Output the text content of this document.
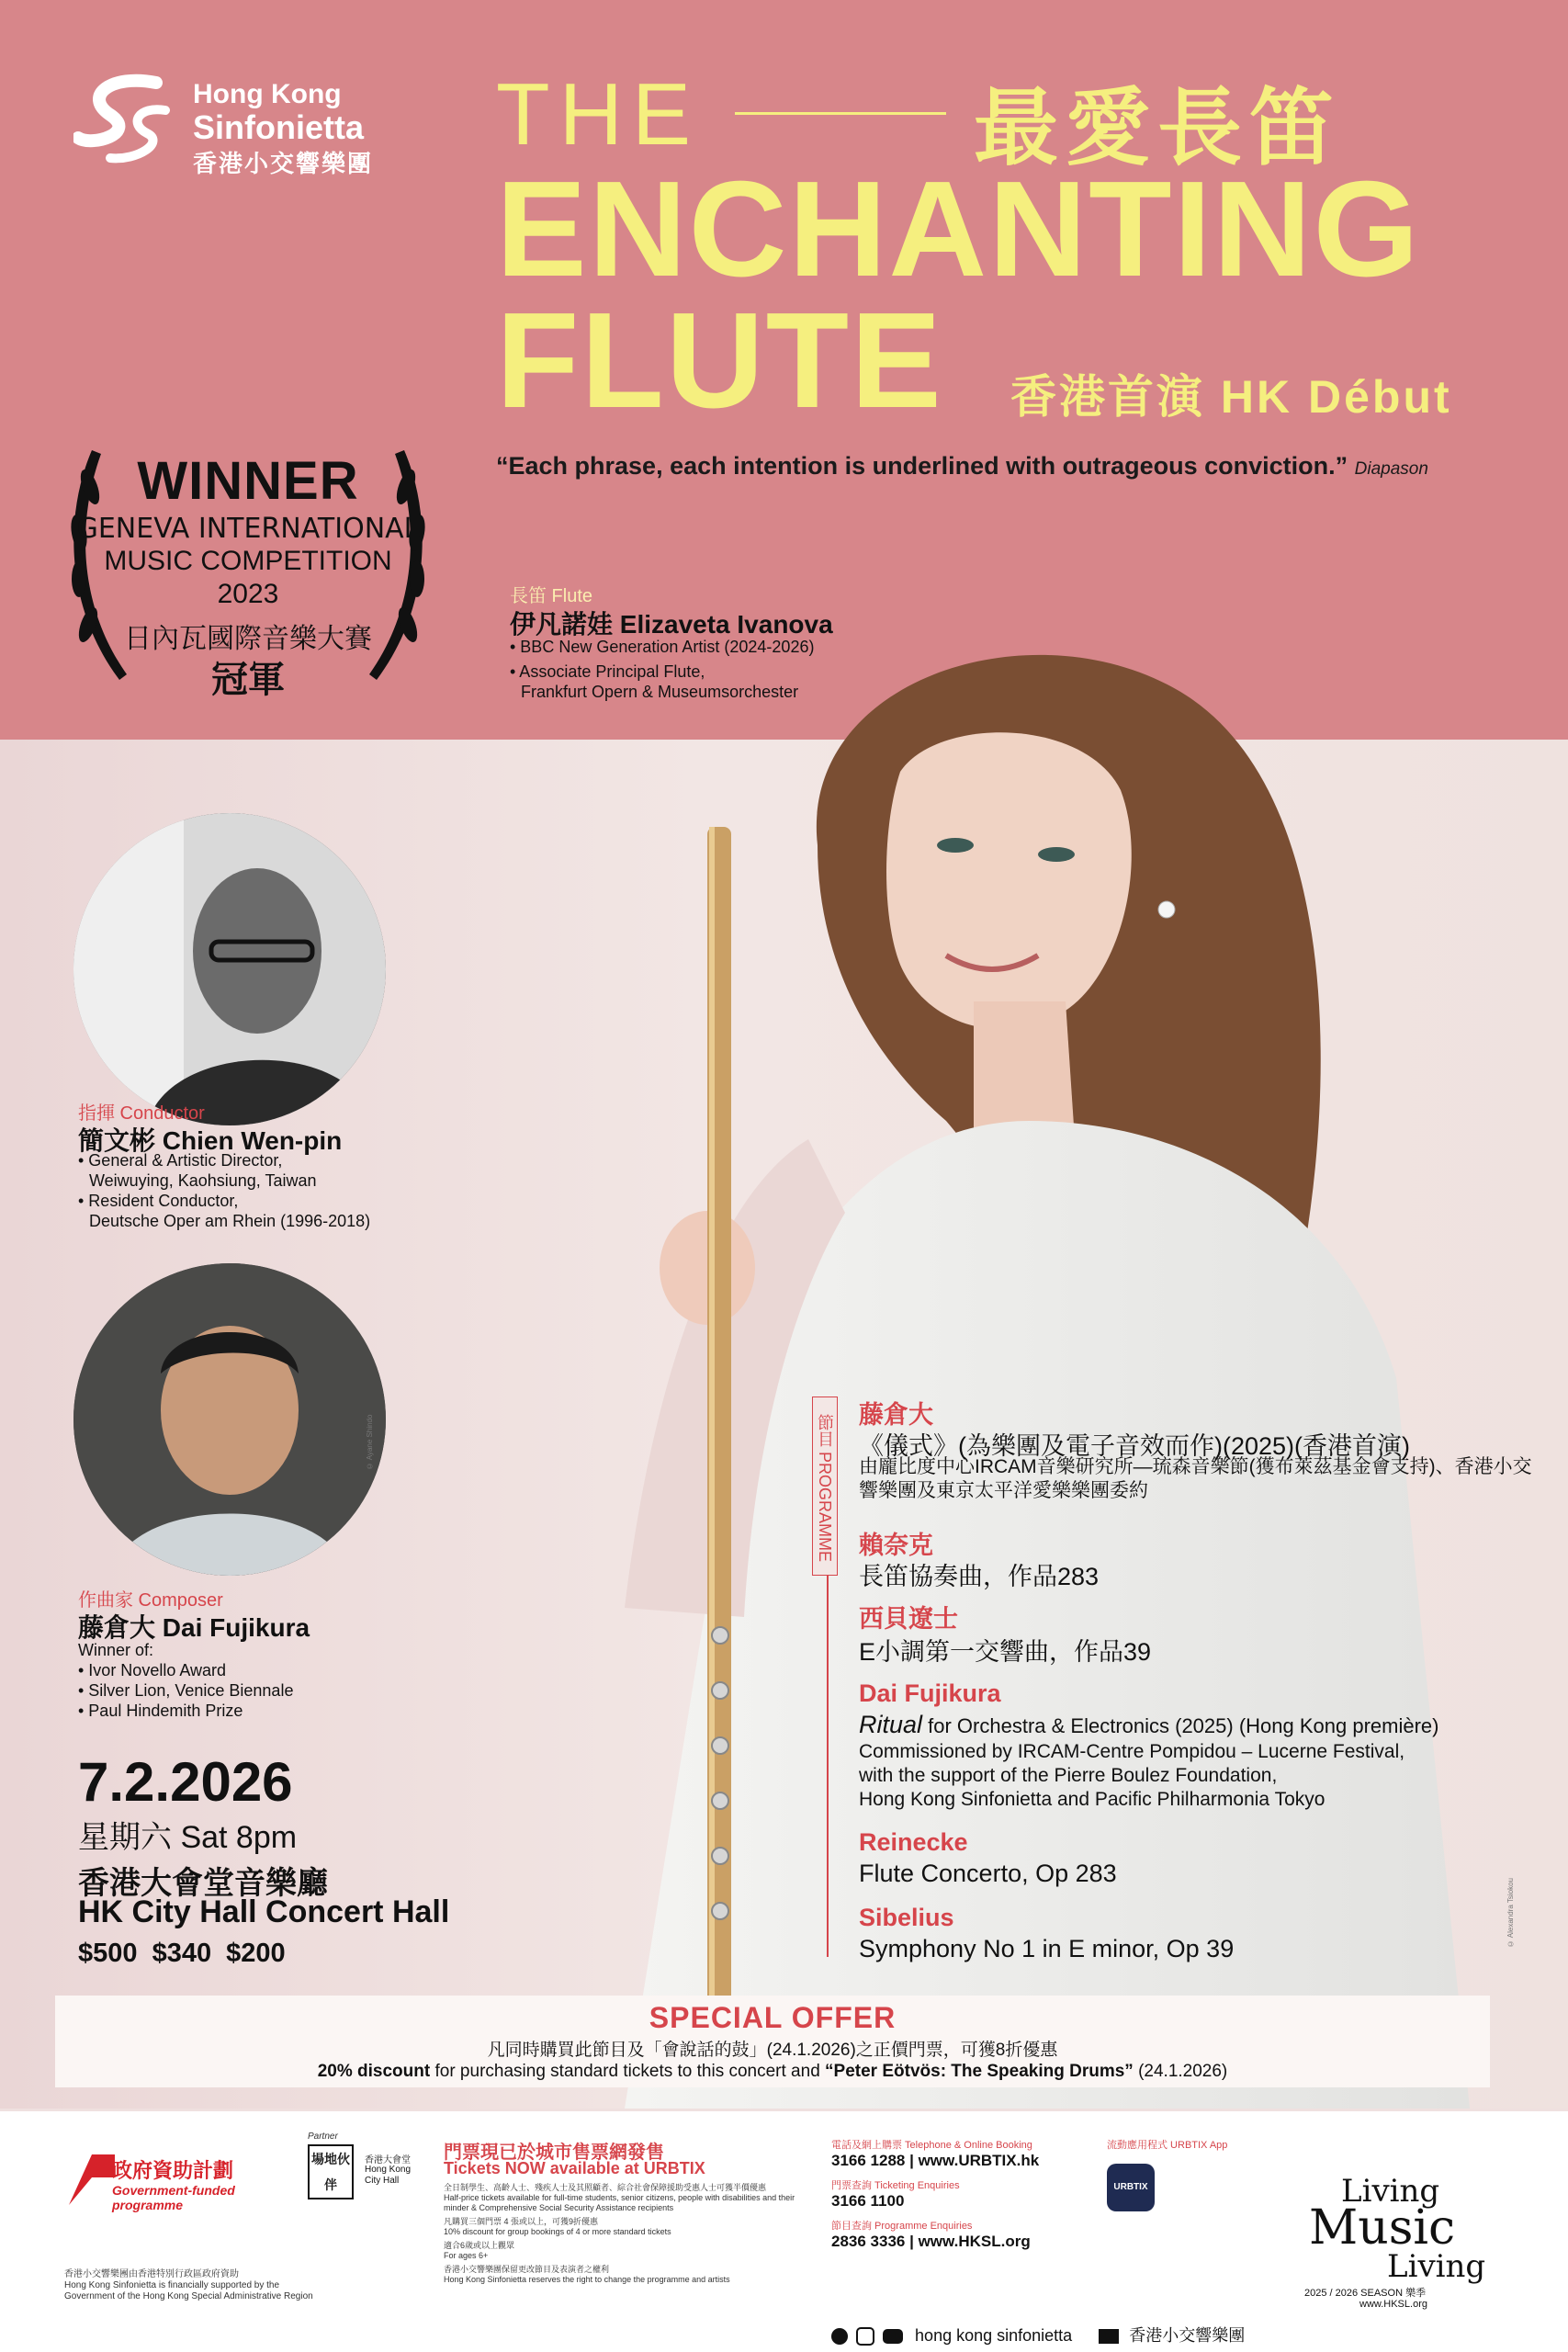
Hong Kong
Sinfonietta
香港小交響樂團 THE	最愛長笛
ENCHANTING
FLUTE 香港首演 HK Début
“Each phrase, each intention is underlined with outrageous conviction.” Diapason
WINNER
GENEVA INTERNATIONAL
MUSIC COMPETITION
2023
日內瓦國際音樂大賽
冠軍
長笛 Flute
伊凡諾娃 Elizaveta Ivanova
• BBC New Generation Artist (2024-2026)
• Associate Principal Flute,
Frankfurt Opern & Museumsorchester
指揮 Conductor
簡文彬 Chien Wen-pin
• General & Artistic Director,
Weiwuying, Kaohsiung, Taiwan
• Resident Conductor,
Deutsche Oper am Rhein (1996-2018)
作曲家 Composer
藤倉大 Dai Fujikura
Winner of:
• Ivor Novello Award
• Silver Lion, Venice Biennale
• Paul Hindemith Prize
7.2.2026
星期六 Sat 8pm
香港大會堂音樂廳
HK City Hall Concert Hall
$500 $340 $200
節目 PROGRAMME 藤倉大
《儀式》(為樂團及電子音效而作)(2025)(香港首演)
由龐比度中心IRCAM音樂研究所—琉森音樂節(獲布萊茲基金會支持)、香港小交響樂團及東京太平洋愛樂樂團委約
賴奈克
長笛協奏曲，作品283
西貝遼士
E小調第一交響曲，作品39
Dai Fujikura
Ritual for Orchestra & Electronics (2025) (Hong Kong première)
Commissioned by IRCAM-Centre Pompidou – Lucerne Festival,
with the support of the Pierre Boulez Foundation,
Hong Kong Sinfonietta and Pacific Philharmonia Tokyo
Reinecke
Flute Concerto, Op 283
Sibelius
Symphony No 1 in E minor, Op 39
© Alexandra Tsiokou
© Ayane Shindo
SPECIAL OFFER
凡同時購買此節目及「會說話的鼓」(24.1.2026)之正價門票，可獲8折優惠
20% discount for purchasing standard tickets to this concert and “Peter Eötvös: The Speaking Drums” (24.1.2026)
政府資助計劃
Government-funded programme
香港小交響樂團由香港特別行政區政府資助
Hong Kong Sinfonietta is financially supported by the
Government of the Hong Kong Special Administrative Region
Partner
場地伙伴
香港大會堂
Hong Kong City Hall
門票現已於城市售票網發售
Tickets NOW available at URBTIX
全日制學生、高齡人士、殘疾人士及其照顧者、綜合社會保障援助受惠人士可獲半價優惠
Half-price tickets available for full-time students, senior citizens, people with disabilities and their minder & Comprehensive Social Security Assistance recipients
凡購買三個門票 4 張或以上，可獲9折優惠
10% discount for group bookings of 4 or more standard tickets
適合6歲或以上觀眾
For ages 6+
香港小交響樂團保留更改節目及表演者之權利
Hong Kong Sinfonietta reserves the right to change the programme and artists
電話及網上購票 Telephone & Online Booking
3166 1288 | www.URBTIX.hk
門票查詢 Ticketing Enquiries
3166 1100
節目查詢 Programme Enquiries
2836 3336 | www.HKSL.org
流動應用程式 URBTIX App
URBTIX
hong kong sinfonietta	香港小交響樂團
Living
Music
Living
2025 / 2026 SEASON 樂季
www.HKSL.org
